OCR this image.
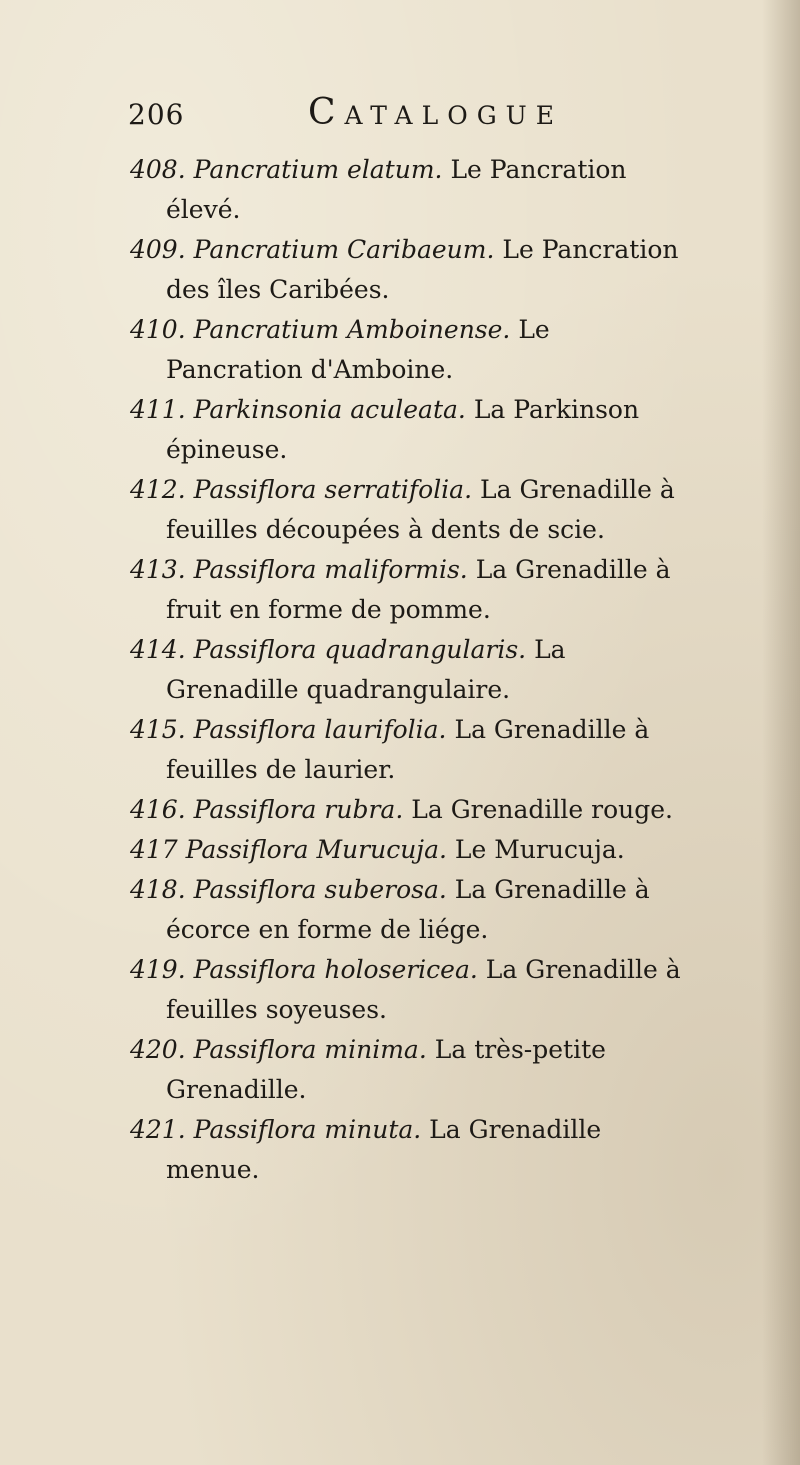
206	Catalogue

408. Pancratium elatum. Le Pancration élevé.

409. Pancratium Caribaeum. Le Pancration des îles Caribées.

410. Pancratium Amboinense. Le Pancration d'Amboine.

411. Parkinsonia aculeata. La Parkinson épineuse.

412. Passiflora serratifolia. La Grenadille à feuilles découpées à dents de scie.

413. Passiflora maliformis. La Grenadille à fruit en forme de pomme.

414. Passiflora quadrangularis. La Grenadille quadrangulaire.

415. Passiflora laurifolia. La Grenadille à feuilles de laurier.

416. Passiflora rubra. La Grenadille rouge.

417 Passiflora Murucuja. Le Murucuja.

418. Passiflora suberosa. La Grenadille à écorce en forme de liége.

419. Passiflora holosericea. La Grenadille à feuilles soyeuses.

420. Passiflora minima. La très-petite Grenadille.

421. Passiflora minuta. La Grenadille menue.
